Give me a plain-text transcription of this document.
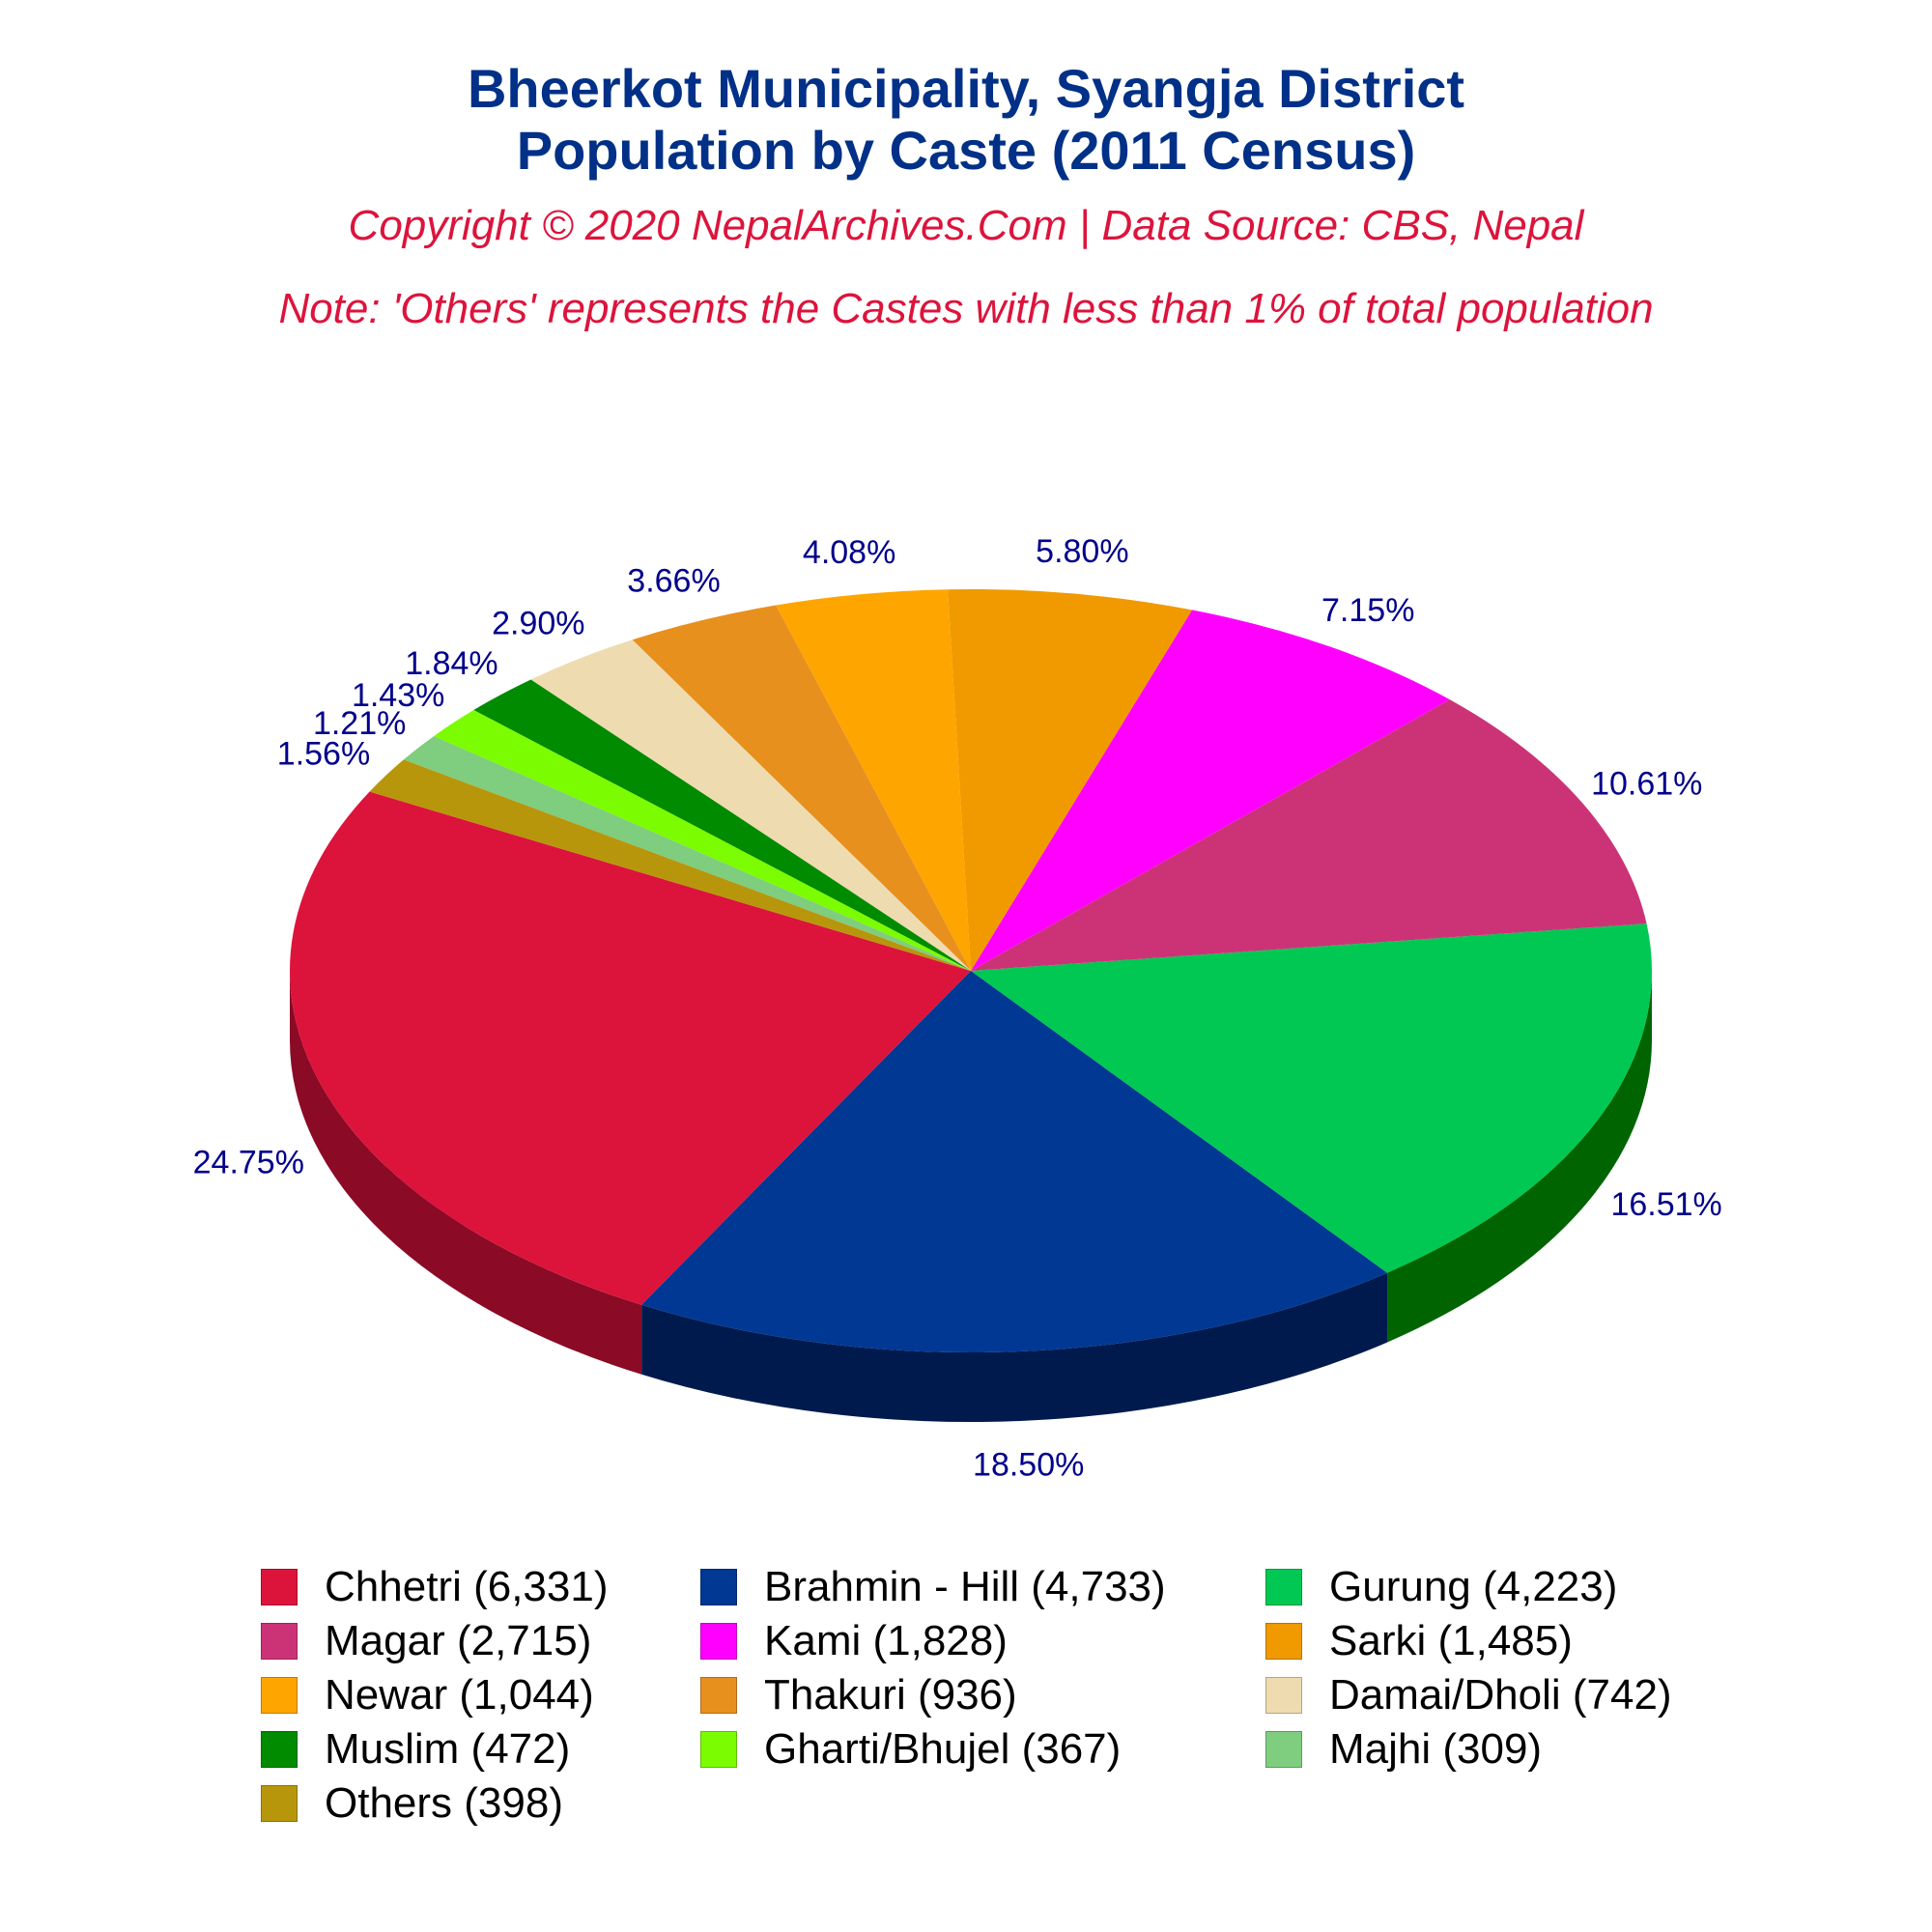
Bheerkot Municipality, Syangja District
Population by Caste (2011 Census)
Copyright © 2020 NepalArchives.Com | Data Source: CBS, Nepal
Note: 'Others' represents the Castes with less than 1% of total population
24.75%
18.50%
16.51%
10.61%
7.15%
5.80%
4.08%
3.66%
2.90%
1.84%
1.43%
1.21%
1.56%
Chhetri (6,331)	Brahmin - Hill (4,733)	Gurung (4,223)
Magar (2,715)	Kami (1,828)	Sarki (1,485)
Newar (1,044)	Thakuri (936)	Damai/Dholi (742)
Muslim (472)	Gharti/Bhujel (367)	Majhi (309)
Others (398)
